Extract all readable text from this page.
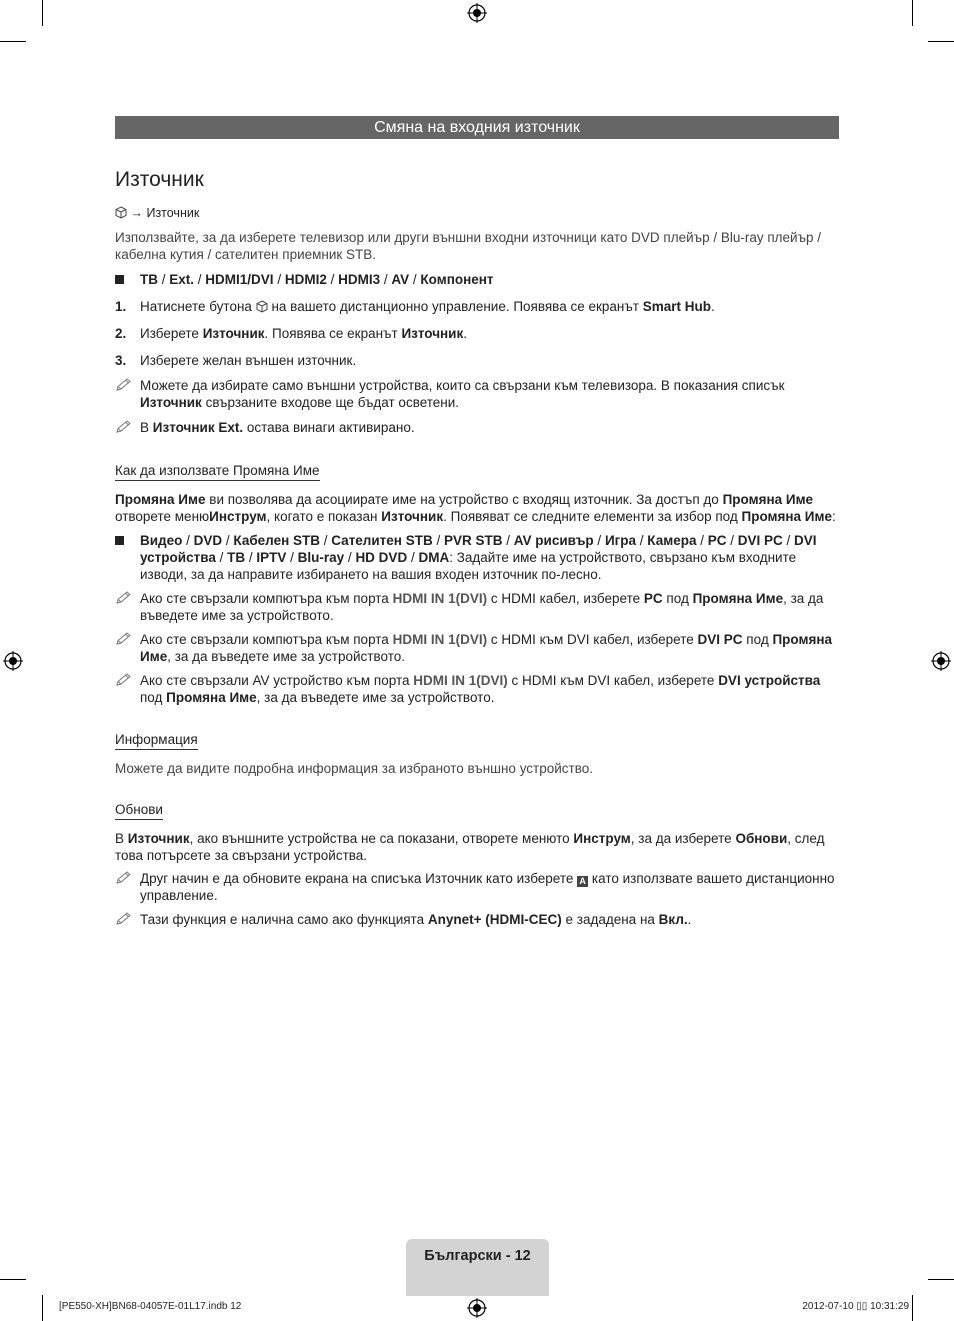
Смяна на входния източник
Източник

→ Източник

Използвайте, за да изберете телевизор или други външни входни източници като DVD плейър / Blu-ray плейър / кабелна кутия / сателитен приемник STB.

ТВ / Ext. / HDMI1/DVI / HDMI2 / HDMI3 / AV / Компонент
1.	Натиснете бутона на вашето дистанционно управление. Появява се екранът Smart Hub.
2.	Изберете Източник. Появява се екранът Източник.
3.	Изберете желан външен източник.
Можете да избирате само външни устройства, които са свързани към телевизора. В показания списък Източник свързаните входове ще бъдат осветени.
В Източник Ext. остава винаги активирано.

Как да използвате Промяна Име

Промяна Име ви позволява да асоциирате име на устройство с входящ източник. За достъп до Промяна Име отворете менюИнструм, когато е показан Източник. Появяват се следните елементи за избор под Промяна Име:

Видео / DVD / Кабелен STB / Сателитен STB / PVR STB / AV рисивър / Игра / Камера / PC / DVI PC / DVI устройства / ТВ / IPTV / Blu-ray / HD DVD / DMA: Задайте име на устройството, свързано към входните изводи, за да направите избирането на вашия входен източник по-лесно.
Ако сте свързали компютъра към порта HDMI IN 1(DVI) с HDMI кабел, изберете PC под Промяна Име, за да въведете име за устройството.
Ако сте свързали компютъра към порта HDMI IN 1(DVI) с HDMI към DVI кабел, изберете DVI PC под Промяна Име, за да въведете име за устройството.
Ако сте свързали AV устройство към порта HDMI IN 1(DVI) с HDMI към DVI кабел, изберете DVI устройства под Промяна Име, за да въведете име за устройството.

Информация

Можете да видите подробна информация за избраното външно устройство.

Обнови

В Източник, ако външните устройства не са показани, отворете менюто Инструм, за да изберете Обнови, след това потърсете за свързани устройства.

Друг начин е да обновите екрана на списъка Източник като изберете A като използвате вашето дистанционно управление.
Тази функция е налична само ако функцията Anynet+ (HDMI-CEC) е зададена на Вкл..
Български - 12
[PE550-XH]BN68-04057E-01L17.indb 12	2012-07-10 ▯▯ 10:31:29
